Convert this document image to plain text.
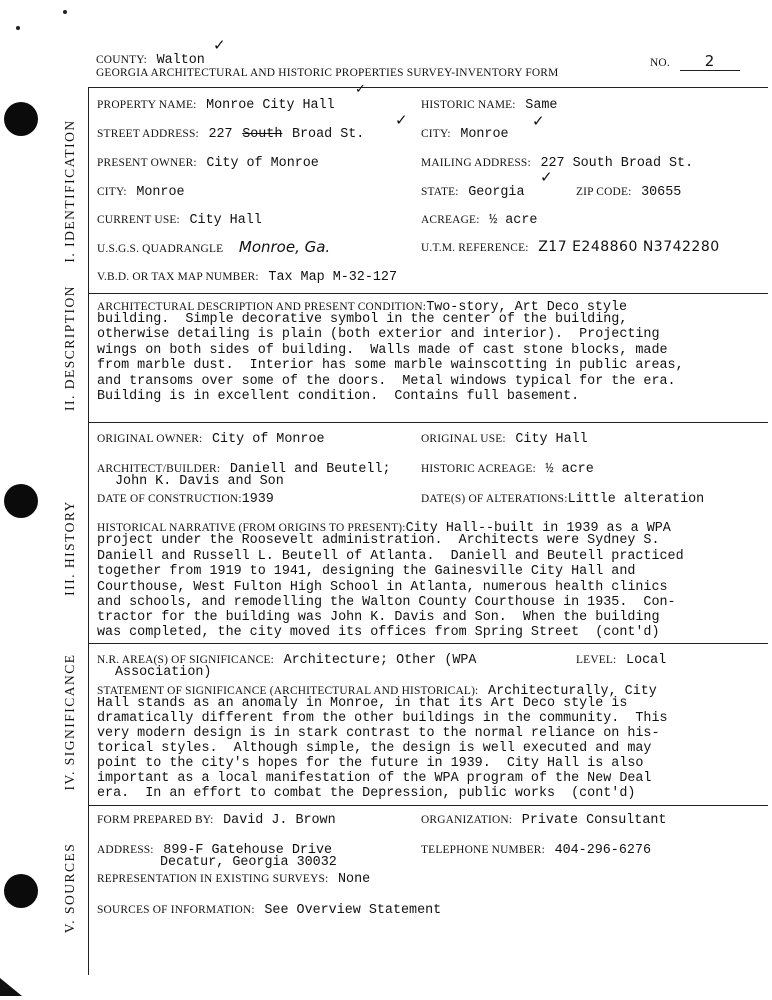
COUNTY: Walton
✓
NO. 2
GEORGIA ARCHITECTURAL AND HISTORIC PROPERTIES SURVEY-INVENTORY FORM
I. IDENTIFICATION
II. DESCRIPTION
III. HISTORY
IV. SIGNIFICANCE
V. SOURCES
PROPERTY NAME: Monroe City Hall
✓
HISTORIC NAME: Same
STREET ADDRESS: 227 South Broad St.
✓
CITY: Monroe
✓
PRESENT OWNER: City of Monroe	MAILING ADDRESS: 227 South Broad St.
CITY: Monroe	STATE: Georgia
✓
ZIP CODE: 30655
CURRENT USE: City Hall	ACREAGE: ½ acre
U.S.G.S. QUADRANGLE Monroe, Ga.	U.T.M. REFERENCE: Z17 E248860 N3742280
V.B.D. OR TAX MAP NUMBER: Tax Map M-32-127
ARCHITECTURAL DESCRIPTION AND PRESENT CONDITION:Two-story, Art Deco style
building.  Simple decorative symbol in the center of the building,
otherwise detailing is plain (both exterior and interior).  Projecting
wings on both sides of building.  Walls made of cast stone blocks, made
from marble dust.  Interior has some marble wainscotting in public areas,
and transoms over some of the doors.  Metal windows typical for the era.
Building is in excellent condition.  Contains full basement.
ORIGINAL OWNER: City of Monroe	ORIGINAL USE: City Hall
ARCHITECT/BUILDER: Daniell and Beutell;
John K. Davis and Son
HISTORIC ACREAGE: ½ acre
DATE OF CONSTRUCTION:1939	DATE(S) OF ALTERATIONS:Little alteration
HISTORICAL NARRATIVE (FROM ORIGINS TO PRESENT):City Hall--built in 1939 as a WPA
project under the Roosevelt administration.  Architects were Sydney S.
Daniell and Russell L. Beutell of Atlanta.  Daniell and Beutell practiced
together from 1919 to 1941, designing the Gainesville City Hall and
Courthouse, West Fulton High School in Atlanta, numerous health clinics
and schools, and remodelling the Walton County Courthouse in 1935.  Con-
tractor for the building was John K. Davis and Son.  When the building
was completed, the city moved its offices from Spring Street  (cont'd)
N.R. AREA(S) OF SIGNIFICANCE: Architecture; Other (WPA
Association)
LEVEL: Local
STATEMENT OF SIGNIFICANCE (ARCHITECTURAL AND HISTORICAL): Architecturally, City
Hall stands as an anomaly in Monroe, in that its Art Deco style is
dramatically different from the other buildings in the community.  This
very modern design is in stark contrast to the normal reliance on his-
torical styles.  Although simple, the design is well executed and may
point to the city's hopes for the future in 1939.  City Hall is also
important as a local manifestation of the WPA program of the New Deal
era.  In an effort to combat the Depression, public works  (cont'd)
FORM PREPARED BY: David J. Brown	ORGANIZATION: Private Consultant
ADDRESS: 899-F Gatehouse Drive
Decatur, Georgia 30032
TELEPHONE NUMBER: 404-296-6276
REPRESENTATION IN EXISTING SURVEYS: None
SOURCES OF INFORMATION: See Overview Statement
